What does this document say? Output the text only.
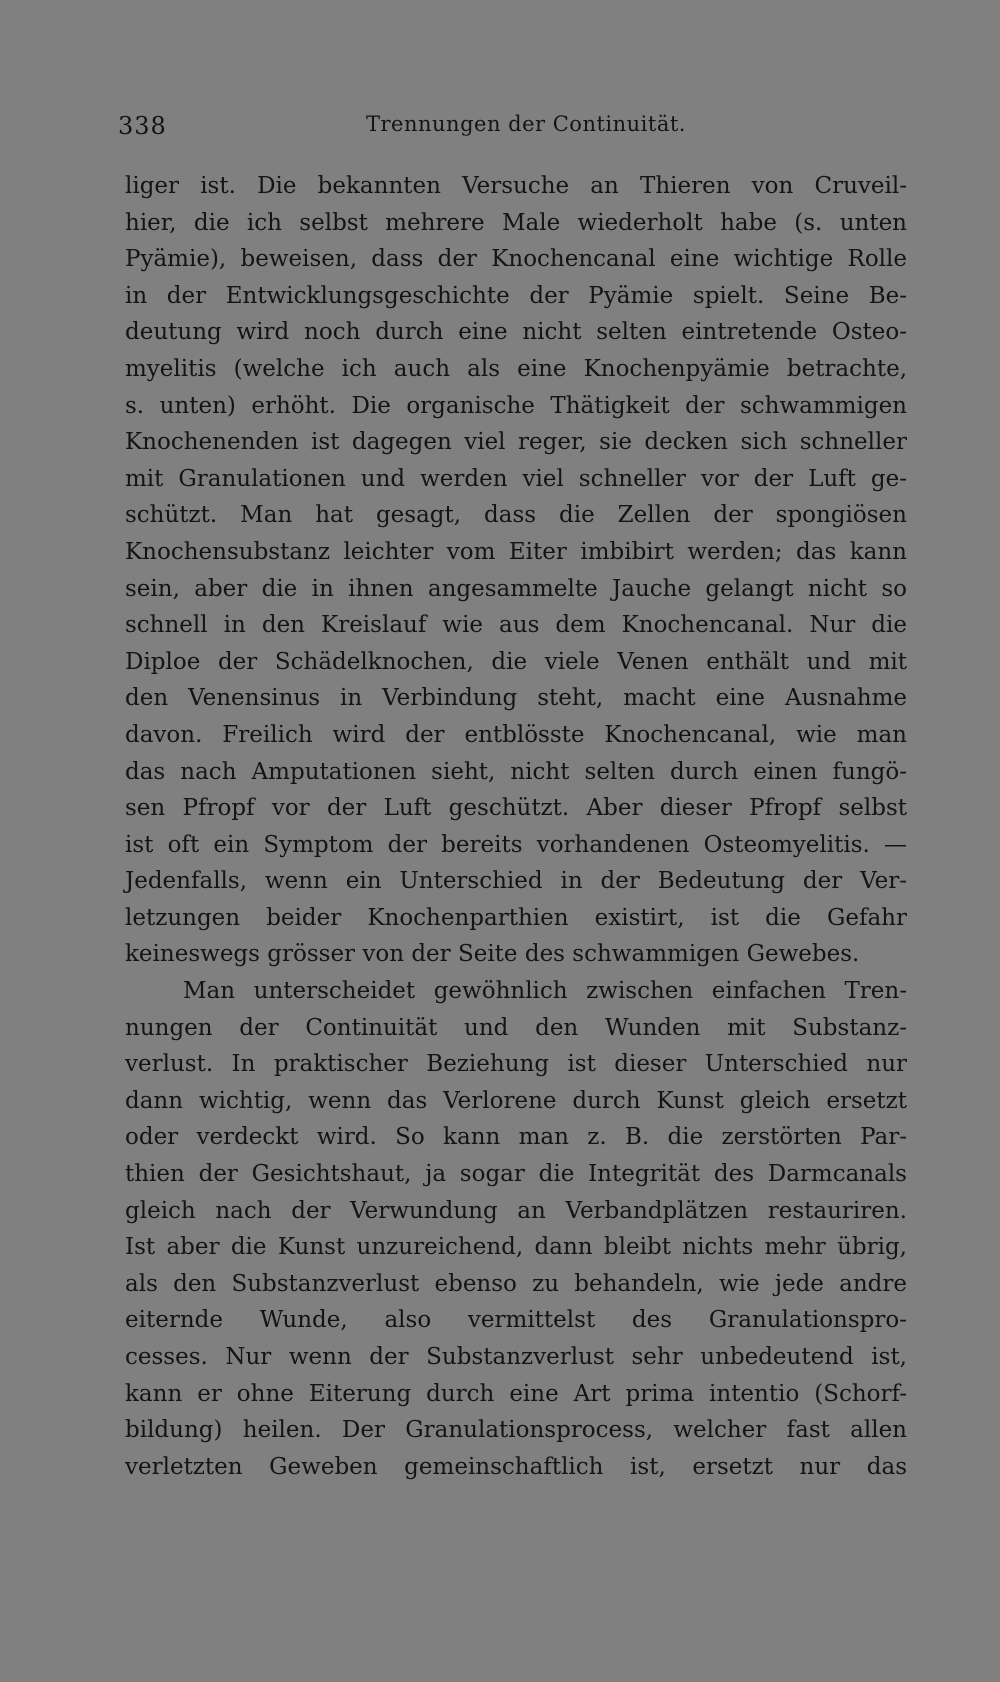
338	Trennungen der Continuität.
liger ist. Die bekannten Versuche an Thieren von Cruveil-
hier, die ich selbst mehrere Male wiederholt habe (s. unten
Pyämie), beweisen, dass der Knochencanal eine wichtige Rolle
in der Entwicklungsgeschichte der Pyämie spielt. Seine Be-
deutung wird noch durch eine nicht selten eintretende Osteo-
myelitis (welche ich auch als eine Knochenpyämie betrachte,
s. unten) erhöht. Die organische Thätigkeit der schwammigen
Knochenenden ist dagegen viel reger, sie decken sich schneller
mit Granulationen und werden viel schneller vor der Luft ge-
schützt. Man hat gesagt, dass die Zellen der spongiösen
Knochensubstanz leichter vom Eiter imbibirt werden; das kann
sein, aber die in ihnen angesammelte Jauche gelangt nicht so
schnell in den Kreislauf wie aus dem Knochencanal. Nur die
Diploe der Schädelknochen, die viele Venen enthält und mit
den Venensinus in Verbindung steht, macht eine Ausnahme
davon. Freilich wird der entblösste Knochencanal, wie man
das nach Amputationen sieht, nicht selten durch einen fungö-
sen Pfropf vor der Luft geschützt. Aber dieser Pfropf selbst
ist oft ein Symptom der bereits vorhandenen Osteomyelitis. —
Jedenfalls, wenn ein Unterschied in der Bedeutung der Ver-
letzungen beider Knochenparthien existirt, ist die Gefahr
keineswegs grösser von der Seite des schwammigen Gewebes.
Man unterscheidet gewöhnlich zwischen einfachen Tren-
nungen der Continuität und den Wunden mit Substanz-
verlust. In praktischer Beziehung ist dieser Unterschied nur
dann wichtig, wenn das Verlorene durch Kunst gleich ersetzt
oder verdeckt wird. So kann man z. B. die zerstörten Par-
thien der Gesichtshaut, ja sogar die Integrität des Darmcanals
gleich nach der Verwundung an Verbandplätzen restauriren.
Ist aber die Kunst unzureichend, dann bleibt nichts mehr übrig,
als den Substanzverlust ebenso zu behandeln, wie jede andre
eiternde Wunde, also vermittelst des Granulationspro-
cesses. Nur wenn der Substanzverlust sehr unbedeutend ist,
kann er ohne Eiterung durch eine Art prima intentio (Schorf-
bildung) heilen. Der Granulationsprocess, welcher fast allen
verletzten Geweben gemeinschaftlich ist, ersetzt nur das
